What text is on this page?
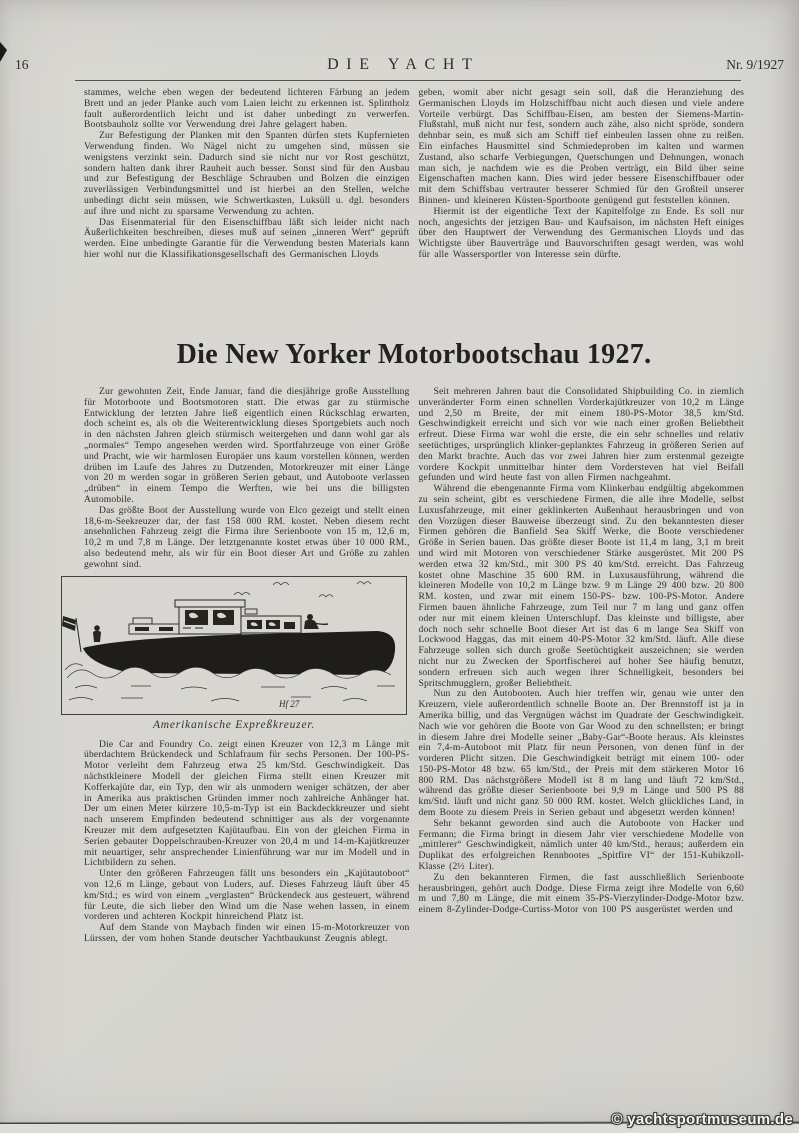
16	DIE YACHT	Nr. 9/1927

stammes, welche eben wegen der bedeutend lichteren Färbung an jedem Brett und an jeder Planke auch vom Laien leicht zu erkennen ist. Splintholz fault außerordentlich leicht und ist daher unbedingt zu verwerfen. Bootsbauholz sollte vor Verwendung drei Jahre gelagert haben.

Zur Befestigung der Planken mit den Spanten dürfen stets Kupfernieten Verwendung finden. Wo Nägel nicht zu umgehen sind, müssen sie wenigstens verzinkt sein. Dadurch sind sie nicht nur vor Rost geschützt, sondern halten dank ihrer Rauheit auch besser. Sonst sind für den Ausbau und zur Befestigung der Beschläge Schrauben und Bolzen die einzigen zuverlässigen Verbindungsmittel und ist hierbei an den Stellen, welche unbedingt dicht sein müssen, wie Schwertkasten, Luksüll u. dgl. besonders auf ihre und nicht zu sparsame Verwendung zu achten.

Das Eisenmaterial für den Eisenschiffbau läßt sich leider nicht nach Äußerlichkeiten beschreiben, dieses muß auf seinen „inneren Wert“ geprüft werden. Eine unbedingte Garantie für die Verwendung besten Materials kann hier wohl nur die Klassifikationsgesellschaft des Germanischen Lloyds

geben, womit aber nicht gesagt sein soll, daß die Heranziehung des Germanischen Lloyds im Holzschiffbau nicht auch diesen und viele andere Vorteile verbürgt. Das Schiffbau-Eisen, am besten der Siemens-Martin-Flußstahl, muß nicht nur fest, sondern auch zähe, also nicht spröde, sondern dehnbar sein, es muß sich am Schiff tief einbeulen lassen ohne zu reißen. Ein einfaches Hausmittel sind Schmiedeproben im kalten und warmen Zustand, also scharfe Verbiegungen, Quetschungen und Dehnungen, wonach man sich, je nachdem wie es die Proben verträgt, ein Bild über seine Eigenschaften machen kann. Dies wird jeder bessere Eisenschiffbauer oder mit dem Schiffsbau vertrauter besserer Schmied für den Großteil unserer Binnen- und kleineren Küsten-Sportboote genügend gut feststellen können.

Hiermit ist der eigentliche Text der Kapitelfolge zu Ende. Es soll nur noch, angesichts der jetzigen Bau- und Kaufsaison, im nächsten Heft einiges über den Hauptwert der Verwendung des Germanischen Lloyds und das Wichtigste über Bauverträge und Bauvorschriften gesagt werden, was wohl für alle Wassersportler von Interesse sein dürfte.

Die New Yorker Motorbootschau 1927.

Zur gewohnten Zeit, Ende Januar, fand die diesjährige große Ausstellung für Motorboote und Bootsmotoren statt. Die etwas gar zu stürmische Entwicklung der letzten Jahre ließ eigentlich einen Rückschlag erwarten, doch scheint es, als ob die Weiterentwicklung dieses Sportgebiets auch noch in den nächsten Jahren gleich stürmisch weitergehen und dann wohl gar als „normales“ Tempo angesehen werden wird. Sportfahrzeuge von einer Größe und Pracht, wie wir harmlosen Europäer uns kaum vorstellen können, werden drüben im Laufe des Jahres zu Dutzenden, Motorkreuzer mit einer Länge von 20 m werden sogar in größeren Serien gebaut, und Autoboote verlassen „drüben“ in einem Tempo die Werften, wie bei uns die billigsten Automobile.

Das größte Boot der Ausstellung wurde von Elco gezeigt und stellt einen 18,6-m-Seekreuzer dar, der fast 158 000 RM. kostet. Neben diesem recht ansehnlichen Fahrzeug zeigt die Firma ihre Serienboote von 15 m, 12,6 m, 10,2 m und 7,8 m Länge. Der letztgenannte kostet etwas über 10 000 RM., also bedeutend mehr, als wir für ein Boot dieser Art und Größe zu zahlen gewohnt sind.

Hf 27
Amerikanische Expreßkreuzer.

Die Car and Foundry Co. zeigt einen Kreuzer von 12,3 m Länge mit überdachtem Brückendeck und Schlafraum für sechs Personen. Der 100-PS-Motor verleiht dem Fahrzeug etwa 25 km/Std. Geschwindigkeit. Das nächstkleinere Modell der gleichen Firma stellt einen Kreuzer mit Kofferkajüte dar, ein Typ, den wir als unmodern weniger schätzen, der aber in Amerika aus praktischen Gründen immer noch zahlreiche Anhänger hat. Der um einen Meter kürzere 10,5-m-Typ ist ein Backdeckkreuzer und sieht nach unserem Empfinden bedeutend schnittiger aus als der vorgenannte Kreuzer mit dem aufgesetzten Kajütaufbau. Ein von der gleichen Firma in Serien gebauter Doppelschrauben-Kreuzer von 20,4 m und 14-m-Kajütkreuzer mit neuartiger, sehr ansprechender Linienführung war nur im Modell und in Lichtbildern zu sehen.

Unter den größeren Fahrzeugen fällt uns besonders ein „Kajütautoboot“ von 12,6 m Länge, gebaut von Luders, auf. Dieses Fahrzeug läuft über 45 km/Std.; es wird von einem „verglasten“ Brückendeck aus gesteuert, während für Leute, die sich lieber den Wind um die Nase wehen lassen, in einem vorderen und achteren Kockpit hinreichend Platz ist.

Auf dem Stande von Maybach finden wir einen 15-m-Motorkreuzer von Lürssen, der vom hohen Stande deutscher Yachtbaukunst Zeugnis ablegt.

Seit mehreren Jahren baut die Consolidated Shipbuilding Co. in ziemlich unveränderter Form einen schnellen Vorderkajütkreuzer von 10,2 m Länge und 2,50 m Breite, der mit einem 180-PS-Motor 38,5 km/Std. Geschwindigkeit erreicht und sich vor wie nach einer großen Beliebtheit erfreut. Diese Firma war wohl die erste, die ein sehr schnelles und relativ seetüchtiges, ursprünglich klinker-geplanktes Fahrzeug in größeren Serien auf den Markt brachte. Auch das vor zwei Jahren hier zum erstenmal gezeigte vordere Kockpit unmittelbar hinter dem Vordersteven hat viel Beifall gefunden und wird heute fast von allen Firmen nachgeahmt.

Während die ebengenannte Firma vom Klinkerbau endgültig abgekommen zu sein scheint, gibt es verschiedene Firmen, die alle ihre Modelle, selbst Luxusfahrzeuge, mit einer geklinkerten Außenhaut herausbringen und von den Vorzügen dieser Bauweise überzeugt sind. Zu den bekanntesten dieser Firmen gehören die Banfield Sea Skiff Werke, die Boote verschiedener Größe in Serien bauen. Das größte dieser Boote ist 11,4 m lang, 3,1 m breit und wird mit Motoren von verschiedener Stärke ausgerüstet. Mit 200 PS werden etwa 32 km/Std., mit 300 PS 40 km/Std. erreicht. Das Fahrzeug kostet ohne Maschine 35 600 RM. in Luxusausführung, während die kleineren Modelle von 10,2 m Länge bzw. 9 m Länge 29 400 bzw. 20 800 RM. kosten, und zwar mit einem 150-PS- bzw. 100-PS-Motor. Andere Firmen bauen ähnliche Fahrzeuge, zum Teil nur 7 m lang und ganz offen oder nur mit einem kleinen Unterschlupf. Das kleinste und billigste, aber doch noch sehr schnelle Boot dieser Art ist das 6 m lange Sea Skiff von Lockwood Haggas, das mit einem 40-PS-Motor 32 km/Std. läuft. Alle diese Fahrzeuge sollen sich durch große Seetüchtigkeit auszeichnen; sie werden nicht nur zu Zwecken der Sportfischerei auf hoher See häufig benutzt, sondern erfreuen sich auch wegen ihrer Schnelligkeit, besonders bei Spritschmugglern, großer Beliebtheit.

Nun zu den Autobooten. Auch hier treffen wir, genau wie unter den Kreuzern, viele außerordentlich schnelle Boote an. Der Brennstoff ist ja in Amerika billig, und das Vergnügen wächst im Quadrate der Geschwindigkeit. Nach wie vor gehören die Boote von Gar Wood zu den schnellsten; er bringt in diesem Jahre drei Modelle seiner „Baby-Gar“-Boote heraus. Als kleinstes ein 7,4-m-Autoboot mit Platz für neun Personen, von denen fünf in der vorderen Plicht sitzen. Die Geschwindigkeit beträgt mit einem 100- oder 150-PS-Motor 48 bzw. 65 km/Std., der Preis mit dem stärkeren Motor 16 800 RM. Das nächstgrößere Modell ist 8 m lang und läuft 72 km/Std., während das größte dieser Serienboote bei 9,9 m Länge und 500 PS 88 km/Std. läuft und nicht ganz 50 000 RM. kostet. Welch glückliches Land, in dem Boote zu diesem Preis in Serien gebaut und abgesetzt werden können!

Sehr bekannt geworden sind auch die Autoboote von Hacker und Fermann; die Firma bringt in diesem Jahr vier verschiedene Modelle von „mittlerer“ Geschwindigkeit, nämlich unter 40 km/Std., heraus; außerdem ein Duplikat des erfolgreichen Rennbootes „Spitfire VI“ der 151-Kubikzoll-Klasse (2½ Liter).

Zu den bekannteren Firmen, die fast ausschließlich Serienboote herausbringen, gehört auch Dodge. Diese Firma zeigt ihre Modelle von 6,60 m und 7,80 m Länge, die mit einem 35-PS-Vierzylinder-Dodge-Motor bzw. einem 8-Zylinder-Dodge-Curtiss-Motor von 100 PS ausgerüstet werden und

© yachtsportmuseum.de
